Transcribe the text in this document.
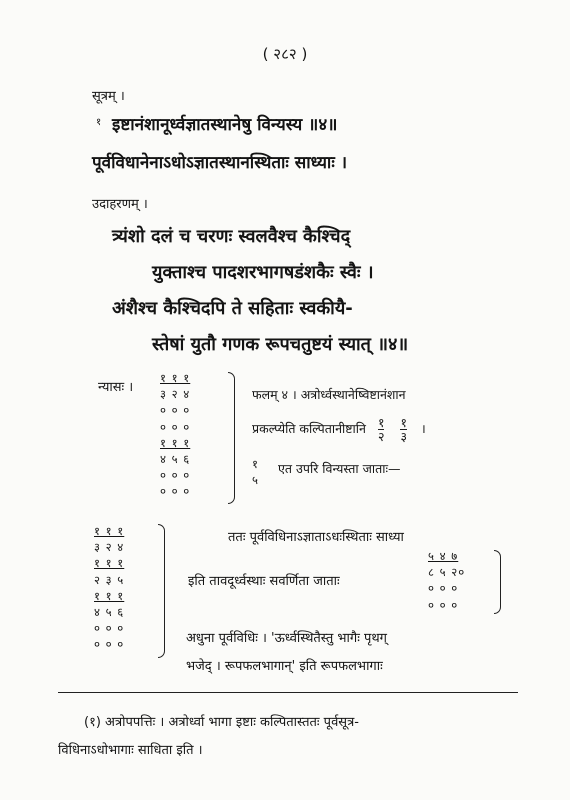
( २८२ )
सूत्रम् ।
१ इष्टानंशानूर्ध्वज्ञातस्थानेषु विन्यस्य ॥४॥
पूर्वविधानेनाऽधोऽज्ञातस्थानस्थिताः साध्याः ।
उदाहरणम् ।
त्र्यंशो दलं च चरणः स्वलवैश्च कैश्चिद्
युक्ताश्च पादशरभागषडंशकैः स्वैः ।
अंशैश्च कैश्चिदपि ते सहिताः स्वकीयै-
स्तेषां युतौ गणक रूपचतुष्टयं स्यात् ॥४॥
न्यासः ।
१ १ १
३ २ ४
० ० ०
० ० ०
१ १ १
४ ५ ६
० ० ०
० ० ०
फलम् ४ । अत्रोर्ध्वस्थानेष्विष्टानंशान
प्रकल्प्येति कल्पितानीष्टानि १
२

१
३
।
१
५
एत उपरि विन्यस्ता जाताः—
१ १ १
३ २ ४
१ १ १
२ ३ ५
१ १ १
४ ५ ६
० ० ०
० ० ०
ततः पूर्वविधिनाऽज्ञाताऽधःस्थिताः साध्या
इति तावदूर्ध्वस्थाः सवर्णिता जाताः
५ ४ ७
८ ५ २०
० ० ०
० ० ०
अधुना पूर्वविधिः । 'ऊर्ध्वस्थितैस्तु भागैः पृथग्
भजेद् । रूपफलभागान्' इति रूपफलभागाः
(१) अत्रोपपत्तिः । अत्रोर्ध्वा भागा इष्टाः कल्पितास्ततः पूर्वसूत्र-
विधिनाऽधोभागाः साधिता इति ।
